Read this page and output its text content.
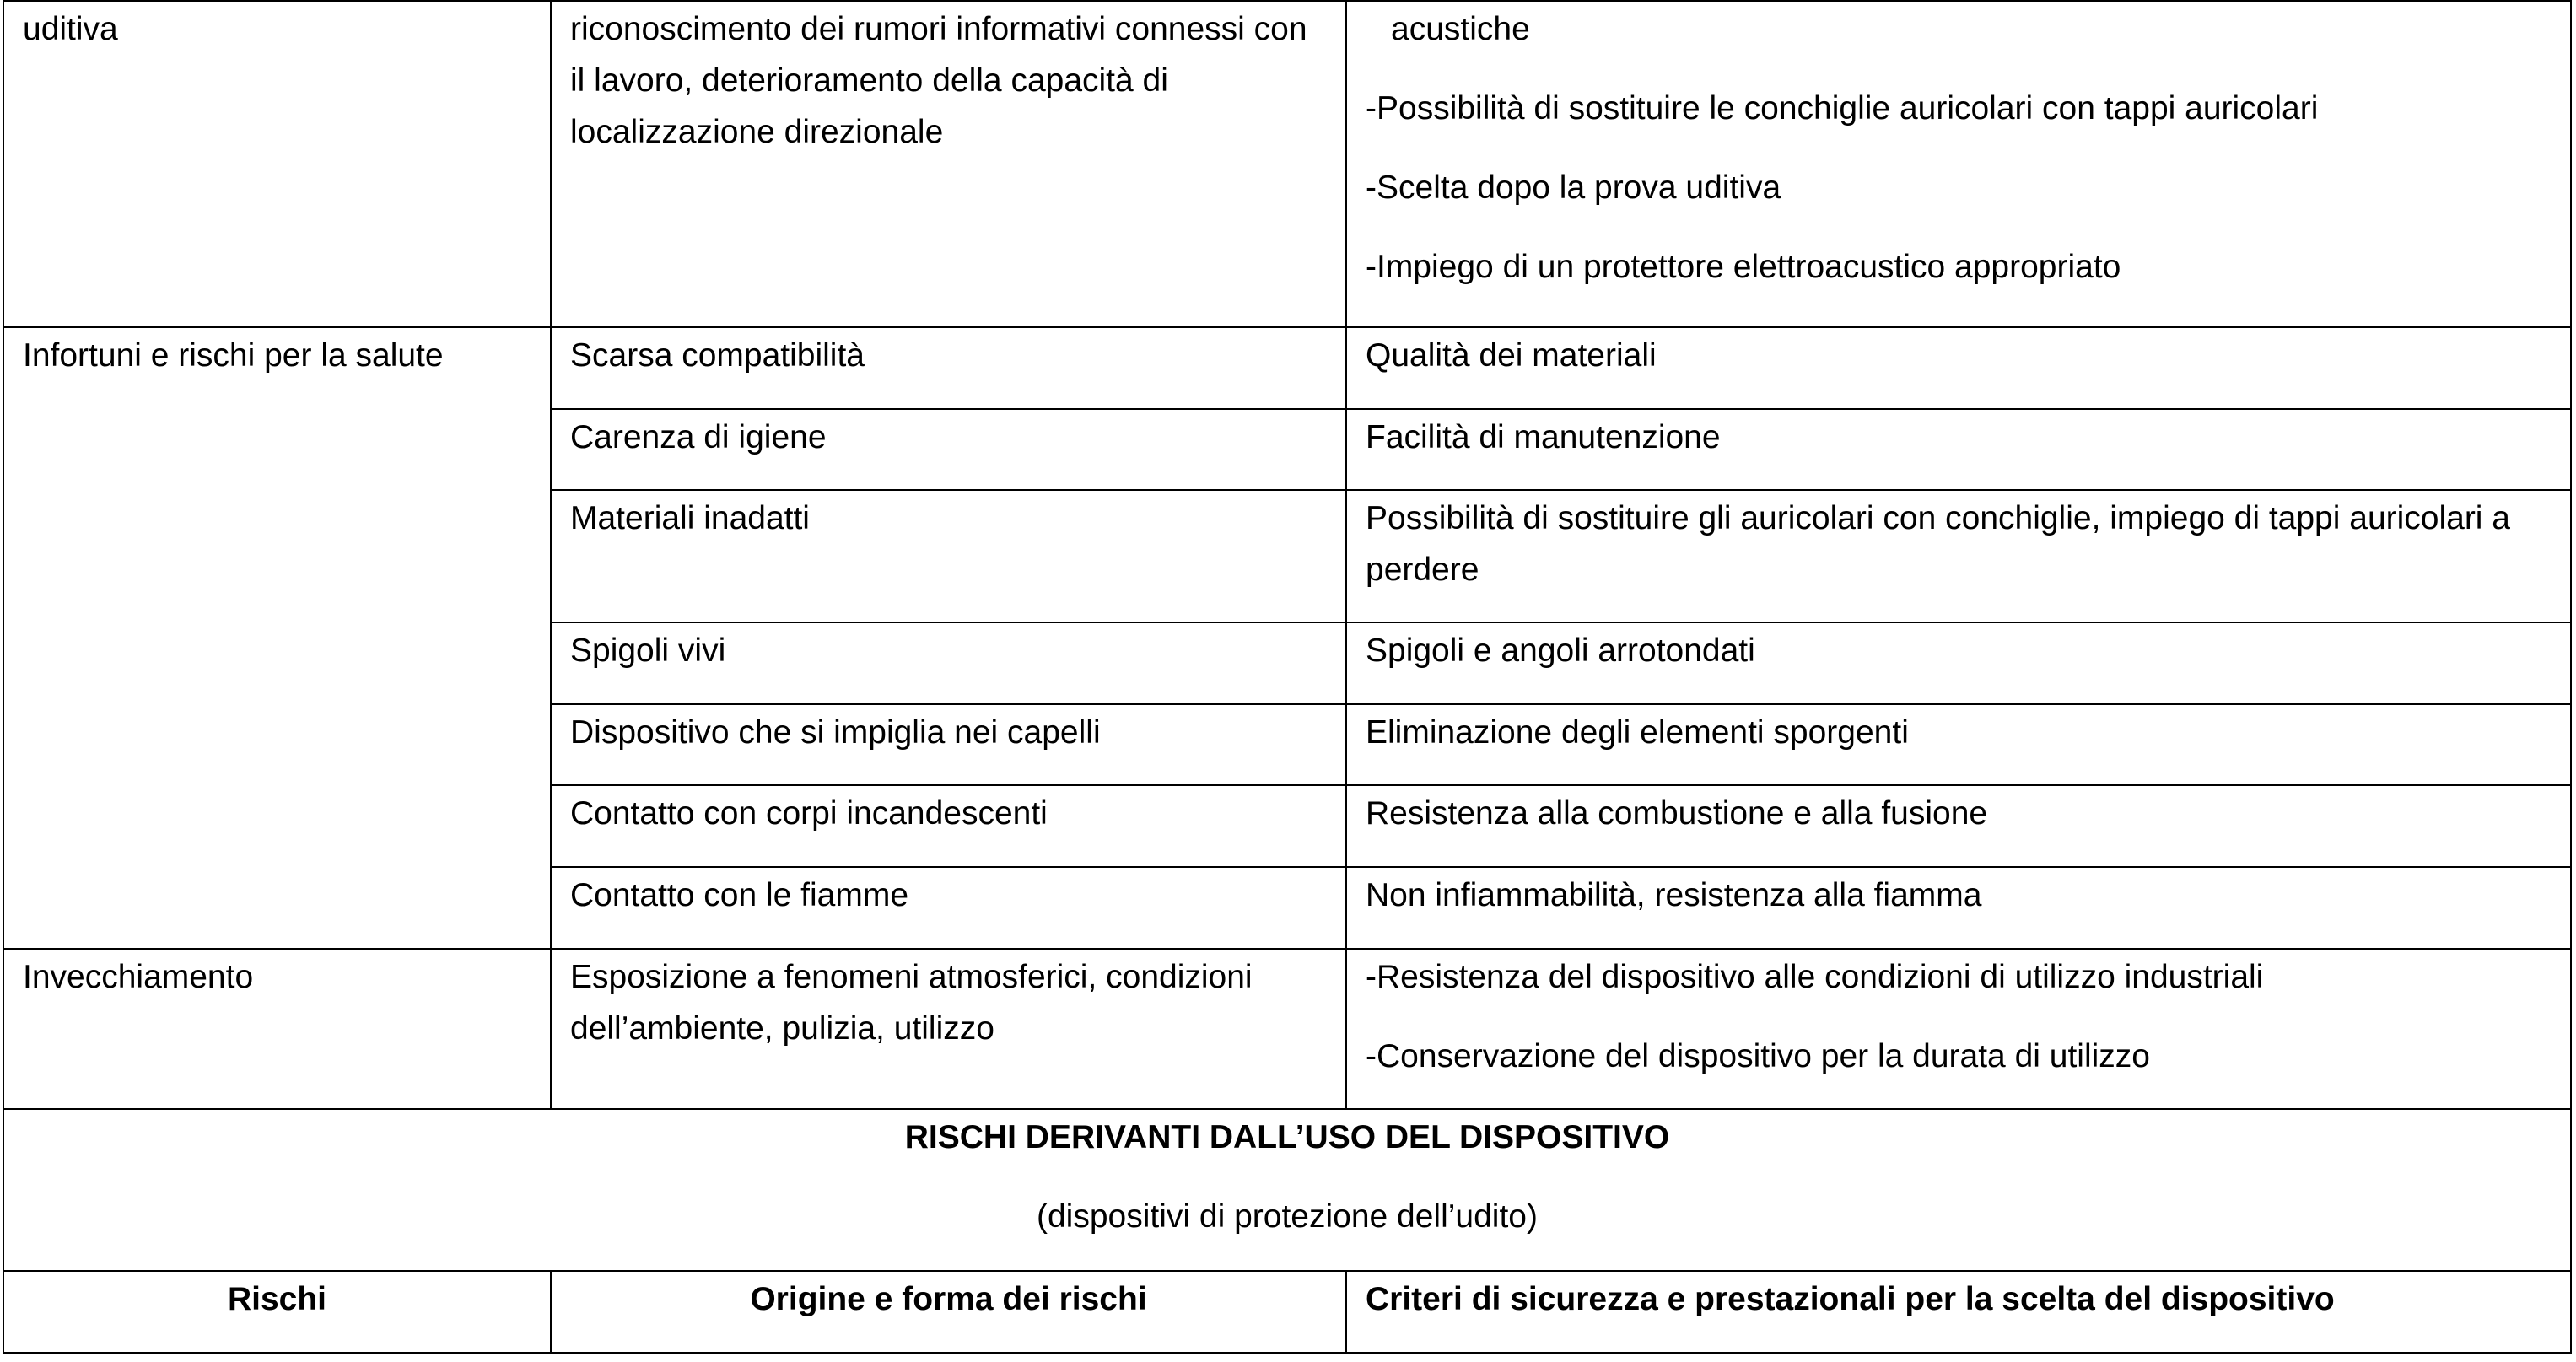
uditiva	riconoscimento dei rumori informativi connessi con il lavoro, deterioramento della capacità di localizzazione direzionale	acustiche
-Possibilità di sostituire le conchiglie auricolari con tappi auricolari
-Scelta dopo la prova uditiva
-Impiego di un protettore elettroacustico appropriato

Infortuni e rischi per la salute	Scarsa compatibilità	Qualità dei materiali
	Carenza di igiene	Facilità di manutenzione
	Materiali inadatti	Possibilità di sostituire gli auricolari con conchiglie, impiego di tappi auricolari a perdere
	Spigoli vivi	Spigoli e angoli arrotondati
	Dispositivo che si impiglia nei capelli	Eliminazione degli elementi sporgenti
	Contatto con corpi incandescenti	Resistenza alla combustione e alla fusione
	Contatto con le fiamme	Non infiammabilità, resistenza alla fiamma
Invecchiamento	Esposizione a fenomeni atmosferici, condizioni dell’ambiente, pulizia, utilizzo	-Resistenza del dispositivo alle condizioni di utilizzo industriali
-Conservazione del dispositivo per la durata di utilizzo

RISCHI DERIVANTI DALL’USO DEL DISPOSITIVO
(dispositivi di protezione dell’udito)		

Rischi	Origine e forma dei rischi	Criteri di sicurezza e prestazionali per la scelta del dispositivo
